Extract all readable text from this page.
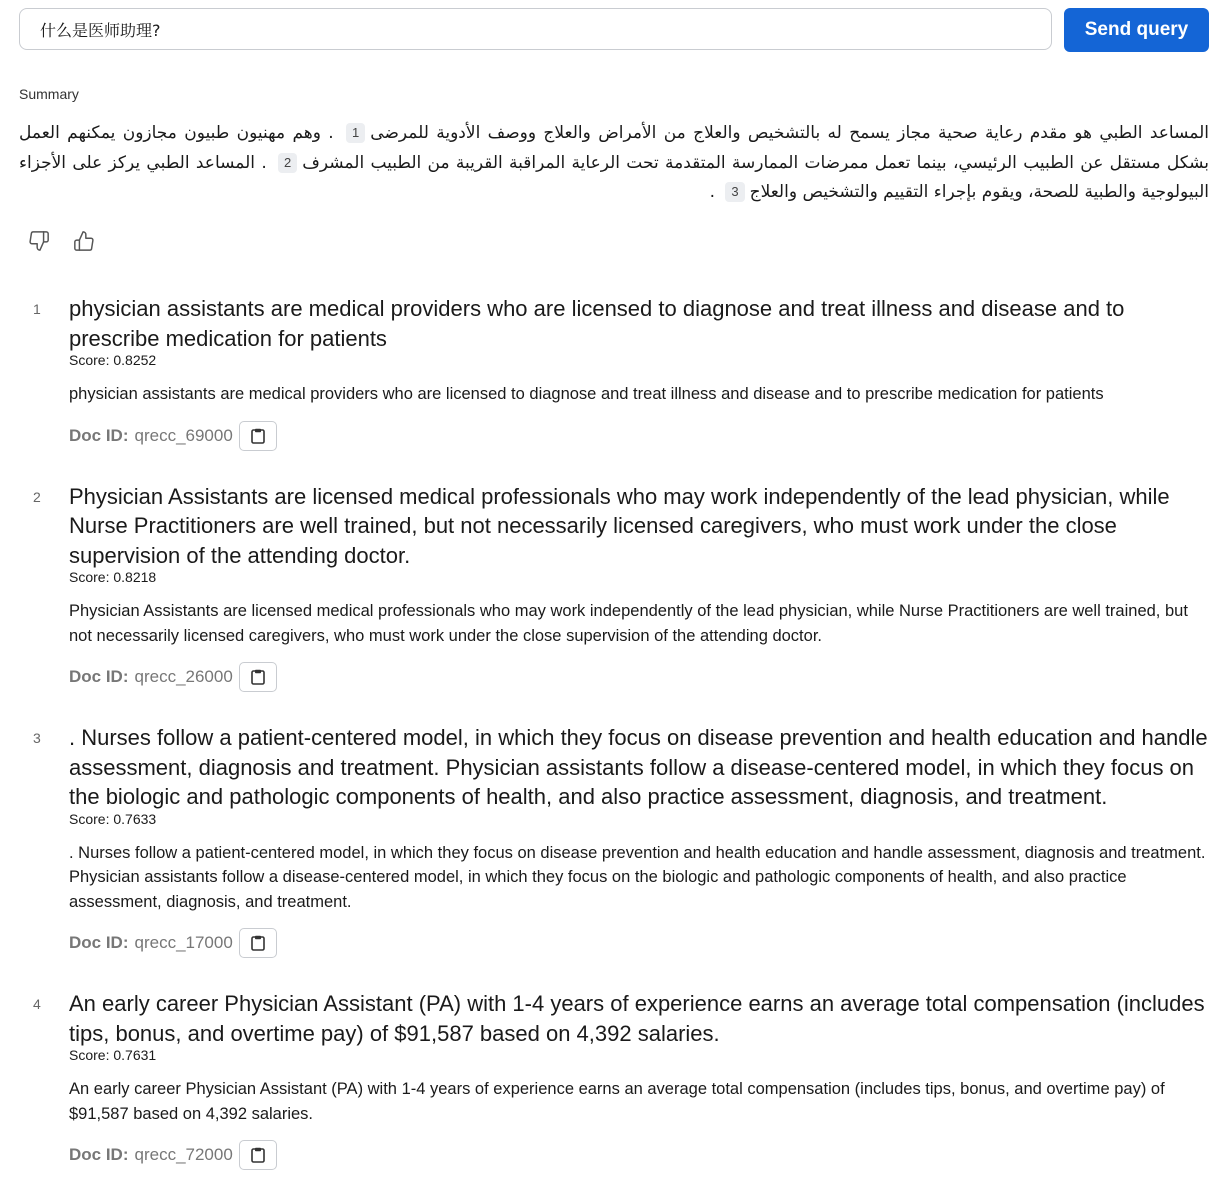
什么是医师助理?
Send query
Summary
المساعد الطبي هو مقدم رعاية صحية مجاز يسمح له بالتشخيص والعلاج من الأمراض والعلاج ووصف الأدوية للمرضى1 . وهم مهنيون طبيون مجازون يمكنهم العمل بشكل مستقل عن الطبيب الرئيسي، بينما تعمل ممرضات الممارسة المتقدمة تحت الرعاية المراقبة القريبة من الطبيب المشرف2 . المساعد الطبي يركز على الأجزاء البيولوجية والطبية للصحة، ويقوم بإجراء التقييم والتشخيص والعلاج3 .
1 physician assistants are medical providers who are licensed to diagnose and treat illness and disease and to prescribe medication for patients
Score: 0.8252
physician assistants are medical providers who are licensed to diagnose and treat illness and disease and to prescribe medication for patients
Doc ID: qrecc_69000
2 Physician Assistants are licensed medical professionals who may work independently of the lead physician, while Nurse Practitioners are well trained, but not necessarily licensed caregivers, who must work under the close supervision of the attending doctor.
Score: 0.8218
Physician Assistants are licensed medical professionals who may work independently of the lead physician, while Nurse Practitioners are well trained, but not necessarily licensed caregivers, who must work under the close supervision of the attending doctor.
Doc ID: qrecc_26000
3 . Nurses follow a patient-centered model, in which they focus on disease prevention and health education and handle assessment, diagnosis and treatment. Physician assistants follow a disease-centered model, in which they focus on the biologic and pathologic components of health, and also practice assessment, diagnosis, and treatment.
Score: 0.7633
. Nurses follow a patient-centered model, in which they focus on disease prevention and health education and handle assessment, diagnosis and treatment. Physician assistants follow a disease-centered model, in which they focus on the biologic and pathologic components of health, and also practice assessment, diagnosis, and treatment.
Doc ID: qrecc_17000
4 An early career Physician Assistant (PA) with 1-4 years of experience earns an average total compensation (includes tips, bonus, and overtime pay) of $91,587 based on 4,392 salaries.
Score: 0.7631
An early career Physician Assistant (PA) with 1-4 years of experience earns an average total compensation (includes tips, bonus, and overtime pay) of $91,587 based on 4,392 salaries.
Doc ID: qrecc_72000
